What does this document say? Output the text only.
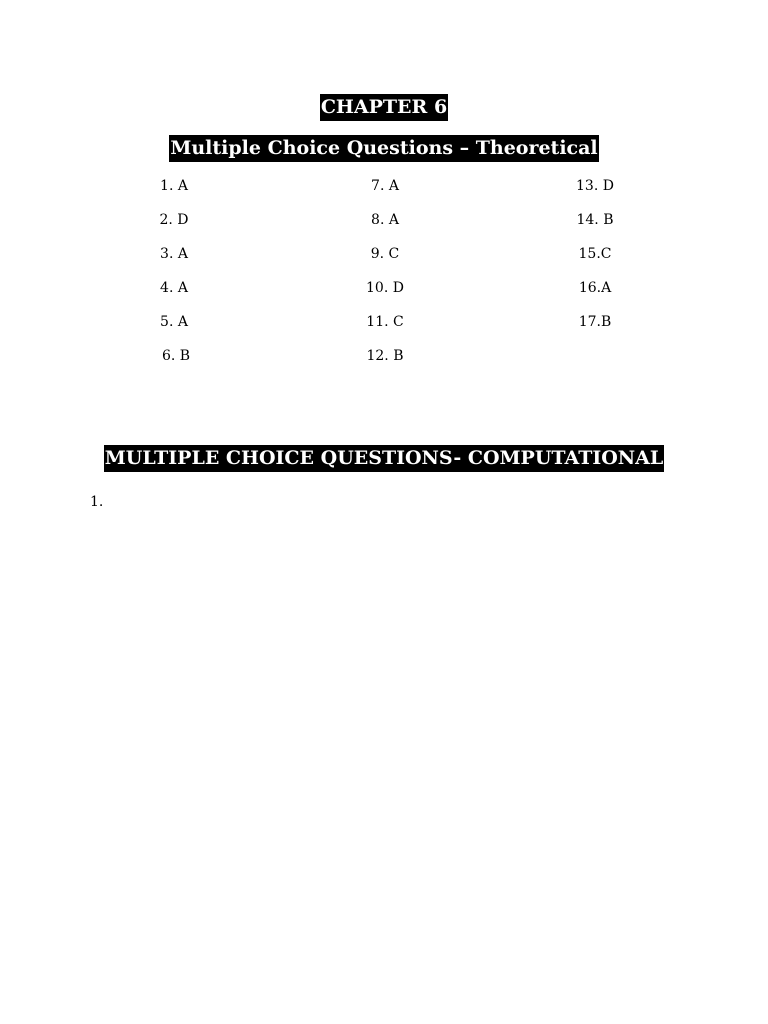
CHAPTER 6
Multiple Choice Questions – Theoretical
1. A
2. D
3. A
4. A
5. A
6. B
7. A
8. A
9. C
10. D
11. C
12. B
13. D
14. B
15.C
16.A
17.B
MULTIPLE CHOICE QUESTIONS- COMPUTATIONAL
1.
